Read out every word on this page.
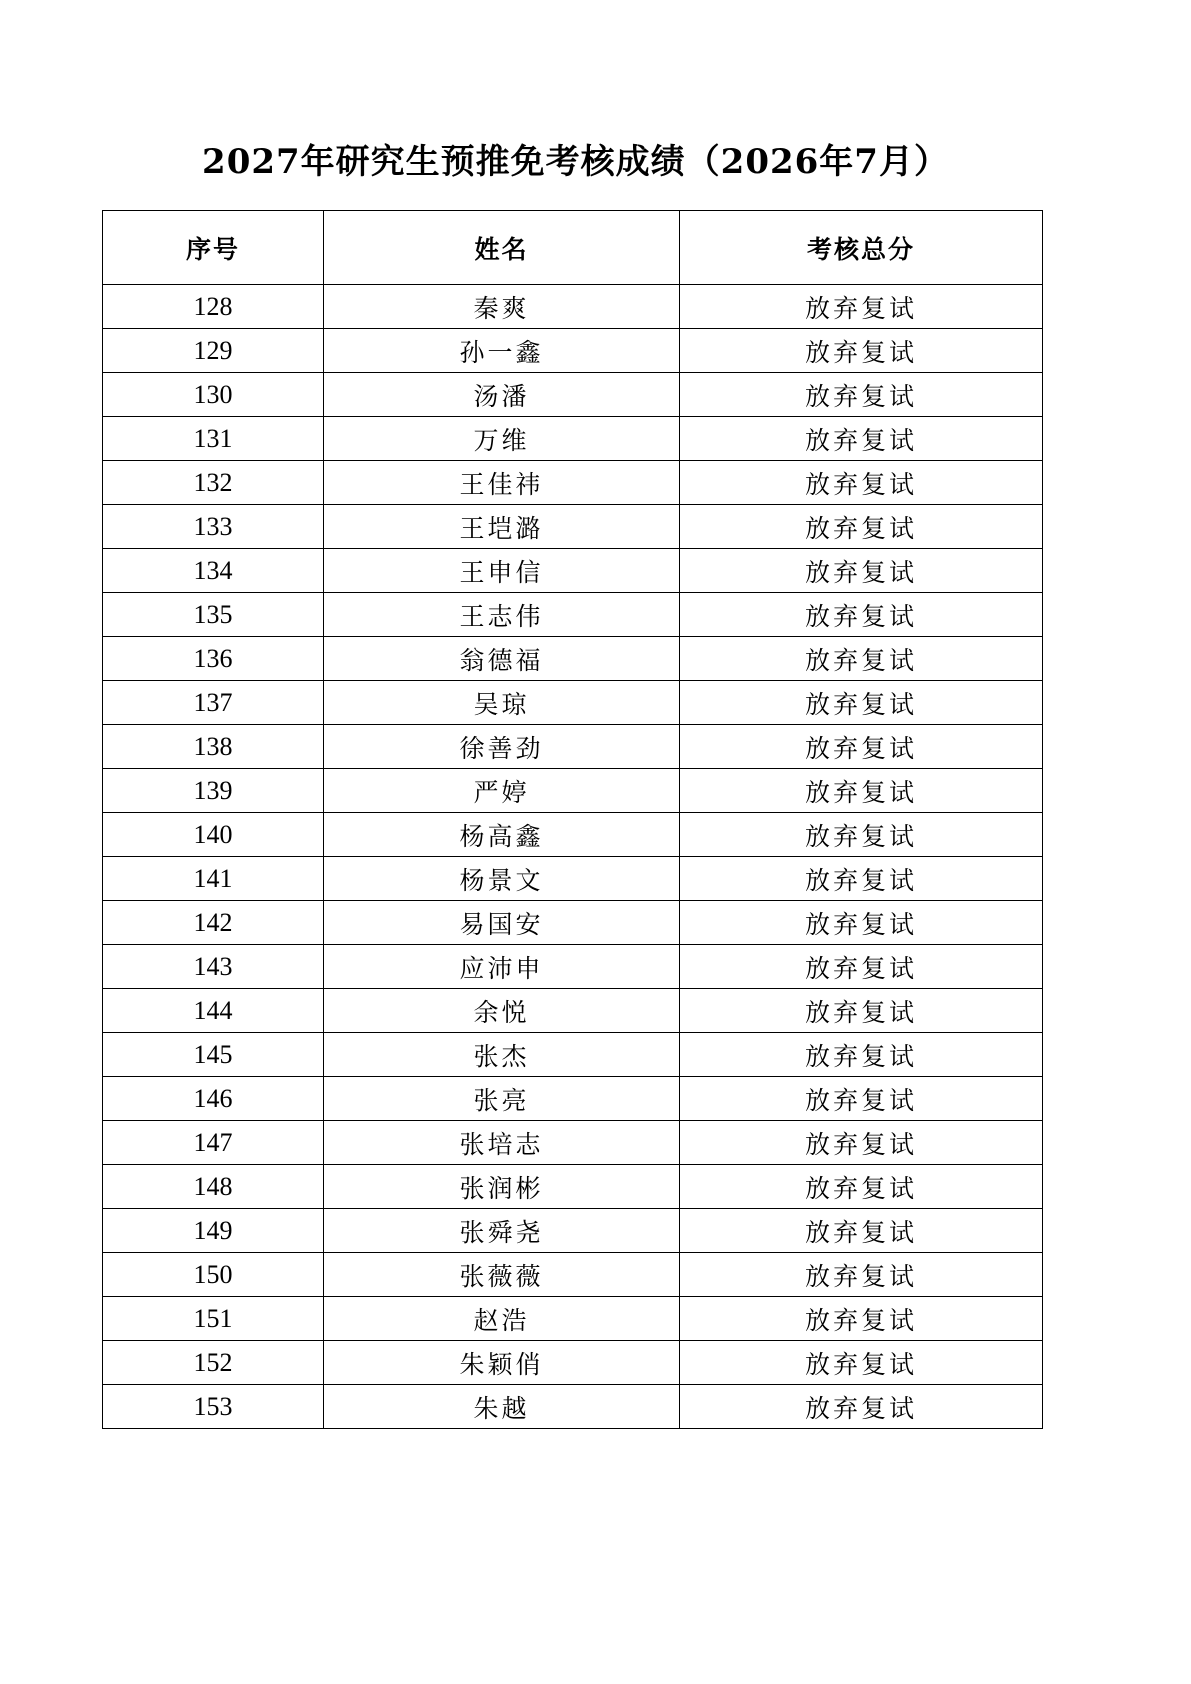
2027年研究生预推免考核成绩（2026年7月）
序号	姓名	考核总分
128	秦爽	放弃复试
129	孙一鑫	放弃复试
130	汤潘	放弃复试
131	万维	放弃复试
132	王佳祎	放弃复试
133	王垲潞	放弃复试
134	王申信	放弃复试
135	王志伟	放弃复试
136	翁德福	放弃复试
137	吴琼	放弃复试
138	徐善劲	放弃复试
139	严婷	放弃复试
140	杨高鑫	放弃复试
141	杨景文	放弃复试
142	易国安	放弃复试
143	应沛申	放弃复试
144	余悦	放弃复试
145	张杰	放弃复试
146	张亮	放弃复试
147	张培志	放弃复试
148	张润彬	放弃复试
149	张舜尧	放弃复试
150	张薇薇	放弃复试
151	赵浩	放弃复试
152	朱颖俏	放弃复试
153	朱越	放弃复试
